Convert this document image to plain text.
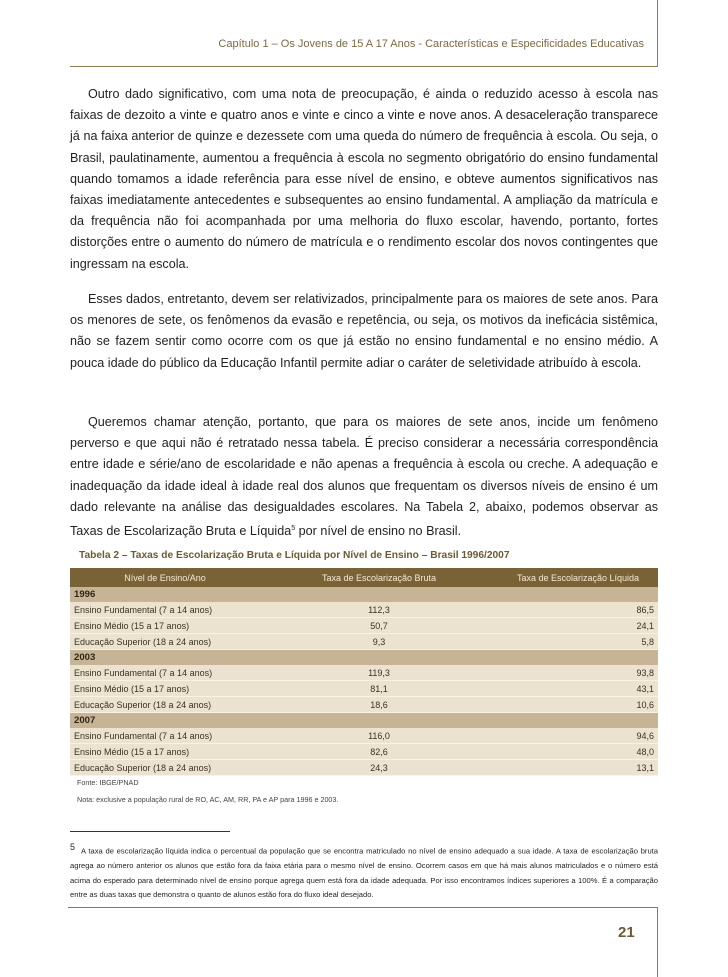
Capítulo 1 – Os Jovens de 15 A 17 Anos - Características e Especificidades Educativas

Outro dado significativo, com uma nota de preocupação, é ainda o reduzido acesso à escola nas faixas de dezoito a vinte e quatro anos e vinte e cinco a vinte e nove anos. A desaceleração transparece já na faixa anterior de quinze e dezessete com uma queda do número de frequência à escola. Ou seja, o Brasil, paulatinamente, aumentou a frequência à escola no segmento obrigatório do ensino fundamental quando tomamos a idade referência para esse nível de ensino, e obteve aumentos significativos nas faixas imediatamente antecedentes e subsequentes ao ensino fundamental. A ampliação da matrícula e da frequência não foi acompanhada por uma melhoria do fluxo escolar, havendo, portanto, fortes distorções entre o aumento do número de matrícula e o rendimento escolar dos novos contingentes que ingressam na escola.

Esses dados, entretanto, devem ser relativizados, principalmente para os maiores de sete anos. Para os menores de sete, os fenômenos da evasão e repetência, ou seja, os motivos da ineficácia sistêmica, não se fazem sentir como ocorre com os que já estão no ensino fundamental e no ensino médio. A pouca idade do público da Educação Infantil permite adiar o caráter de seletividade atribuído à escola.

Queremos chamar atenção, portanto, que para os maiores de sete anos, incide um fenômeno perverso e que aqui não é retratado nessa tabela. É preciso considerar a necessária correspondência entre idade e série/ano de escolaridade e não apenas a frequência à escola ou creche. A adequação e inadequação da idade ideal à idade real dos alunos que frequentam os diversos níveis de ensino é um dado relevante na análise das desigualdades escolares. Na Tabela 2, abaixo, podemos observar as Taxas de Escolarização Bruta e Líquida$^5$ por nível de ensino no Brasil.

Tabela 2 – Taxas de Escolarização Bruta e Líquida por Nível de Ensino – Brasil 1996/2007
Nível de Ensino/Ano	Taxa de Escolarização Bruta	Taxa de Escolarização Líquida
1996		
Ensino Fundamental (7 a 14 anos)	112,3	86,5
Ensino Médio (15 a 17 anos)	50,7	24,1
Educação Superior (18 a 24 anos)	9,3	5,8
2003		
Ensino Fundamental (7 a 14 anos)	119,3	93,8
Ensino Médio (15 a 17 anos)	81,1	43,1
Educação Superior (18 a 24 anos)	18,6	10,6
2007		
Ensino Fundamental (7 a 14 anos)	116,0	94,6
Ensino Médio (15 a 17 anos)	82,6	48,0
Educação Superior (18 a 24 anos)	24,3	13,1
Fonte: IBGE/PNAD
Nota: exclusive a população rural de RO, AC, AM, RR, PA e AP para 1996 e 2003.
5 A taxa de escolarização líquida indica o percentual da população que se encontra matriculado no nível de ensino adequado a sua idade. A taxa de escolarização bruta agrega ao número anterior os alunos que estão fora da faixa etária para o mesmo nível de ensino. Ocorrem casos em que há mais alunos matriculados e o número está acima do esperado para determinado nível de ensino porque agrega quem está fora da idade adequada. Por isso encontramos índices superiores a 100%. É a comparação entre as duas taxas que demonstra o quanto de alunos estão fora do fluxo ideal desejado.
21
